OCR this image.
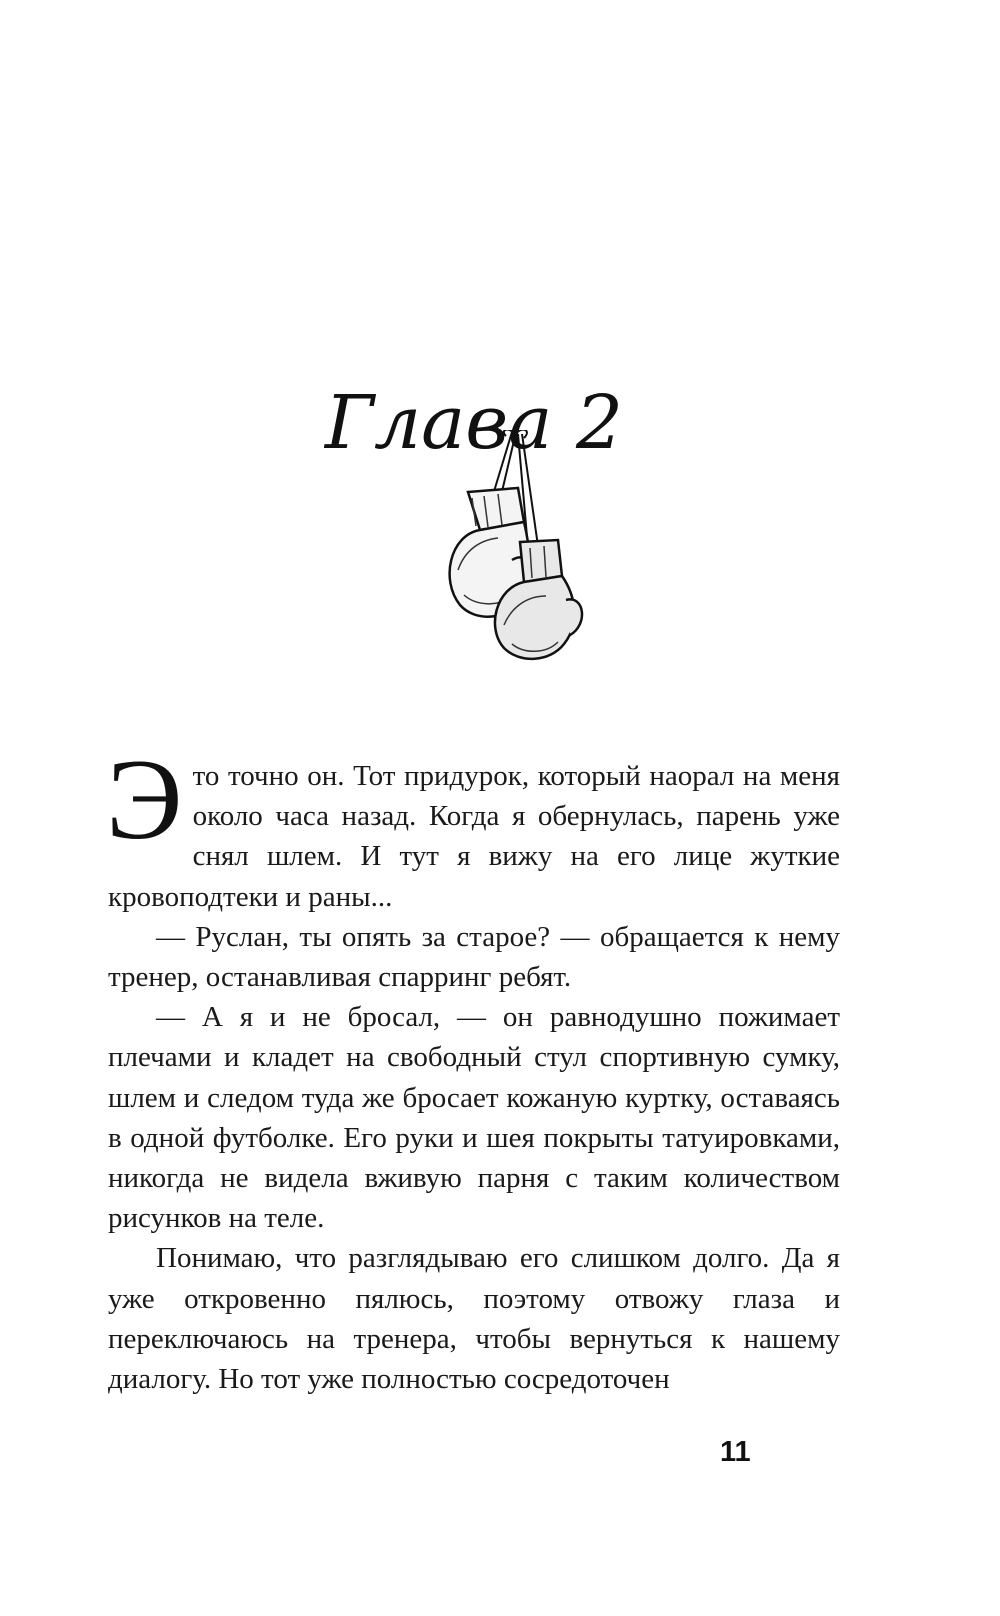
Глава 2

Это точно он. Тот придурок, который наорал на меня около часа назад. Когда я обернулась, парень уже снял шлем. И тут я вижу на его лице жуткие кровоподтеки и раны...

— Руслан, ты опять за старое? — обращается к нему тренер, останавливая спарринг ребят.

— А я и не бросал, — он равнодушно пожимает плечами и кладет на свободный стул спортивную сумку, шлем и следом туда же бросает кожаную куртку, оставаясь в одной футболке. Его руки и шея покрыты татуировками, никогда не видела вживую парня с таким количеством рисунков на теле.

Понимаю, что разглядываю его слишком долго. Да я уже откровенно пялюсь, поэтому отвожу глаза и переключаюсь на тренера, чтобы вернуться к нашему диалогу. Но тот уже полностью сосредоточен

11
